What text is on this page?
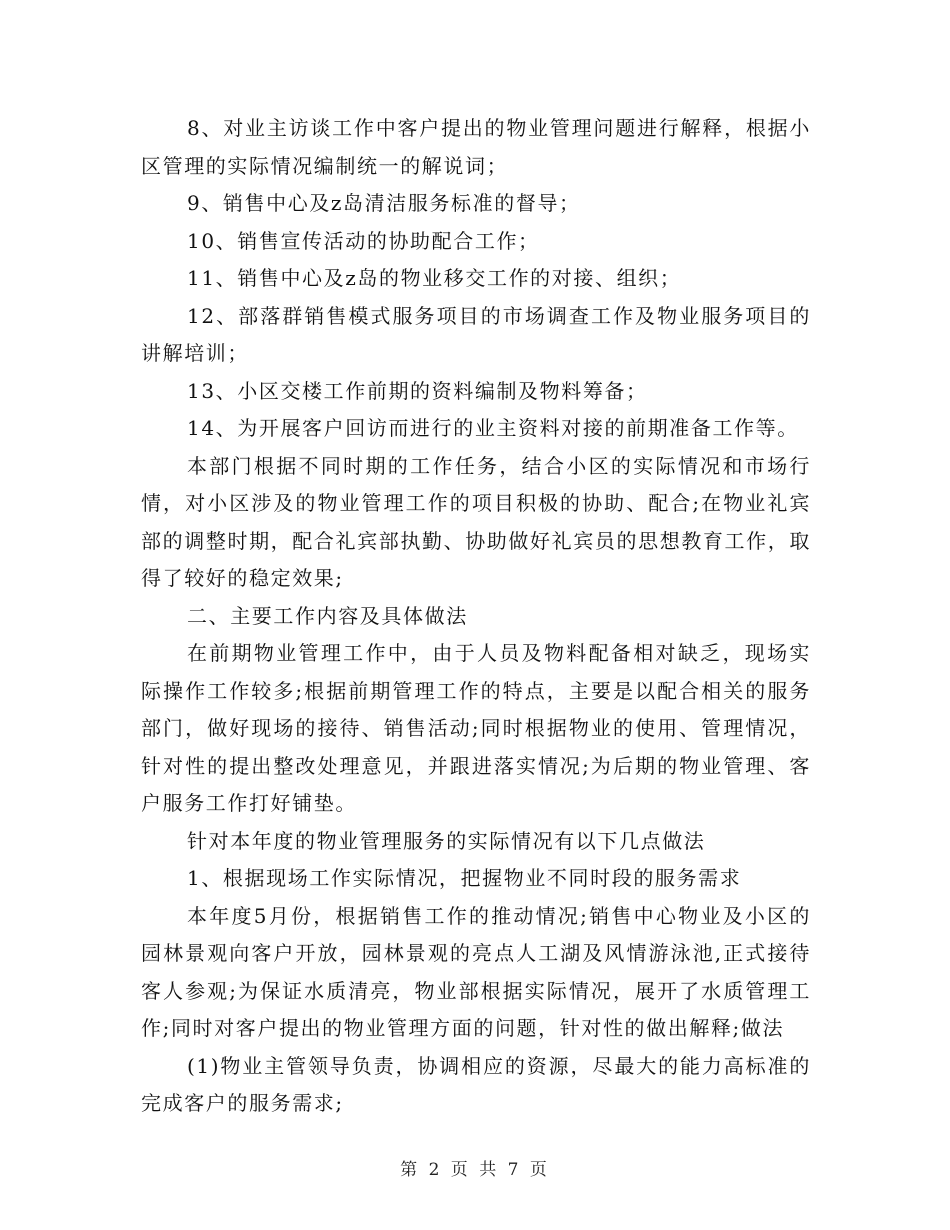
8、对业主访谈工作中客户提出的物业管理问题进行解释，根据小区管理的实际情况编制统一的解说词；

9、销售中心及z岛清洁服务标准的督导；

10、销售宣传活动的协助配合工作；

11、销售中心及z岛的物业移交工作的对接、组织；

12、部落群销售模式服务项目的市场调查工作及物业服务项目的讲解培训；

13、小区交楼工作前期的资料编制及物料筹备；

14、为开展客户回访而进行的业主资料对接的前期准备工作等。

本部门根据不同时期的工作任务，结合小区的实际情况和市场行情，对小区涉及的物业管理工作的项目积极的协助、配合;在物业礼宾部的调整时期，配合礼宾部执勤、协助做好礼宾员的思想教育工作，取得了较好的稳定效果;

二、主要工作内容及具体做法

在前期物业管理工作中，由于人员及物料配备相对缺乏，现场实际操作工作较多;根据前期管理工作的特点，主要是以配合相关的服务部门，做好现场的接待、销售活动;同时根据物业的使用、管理情况，针对性的提出整改处理意见，并跟进落实情况;为后期的物业管理、客户服务工作打好铺垫。

针对本年度的物业管理服务的实际情况有以下几点做法

1、根据现场工作实际情况，把握物业不同时段的服务需求

本年度5月份，根据销售工作的推动情况;销售中心物业及小区的园林景观向客户开放，园林景观的亮点人工湖及风情游泳池,正式接待客人参观;为保证水质清亮，物业部根据实际情况，展开了水质管理工作;同时对客户提出的物业管理方面的问题，针对性的做出解释;做法

(1)物业主管领导负责，协调相应的资源，尽最大的能力高标准的完成客户的服务需求;

第 2 页 共 7 页
